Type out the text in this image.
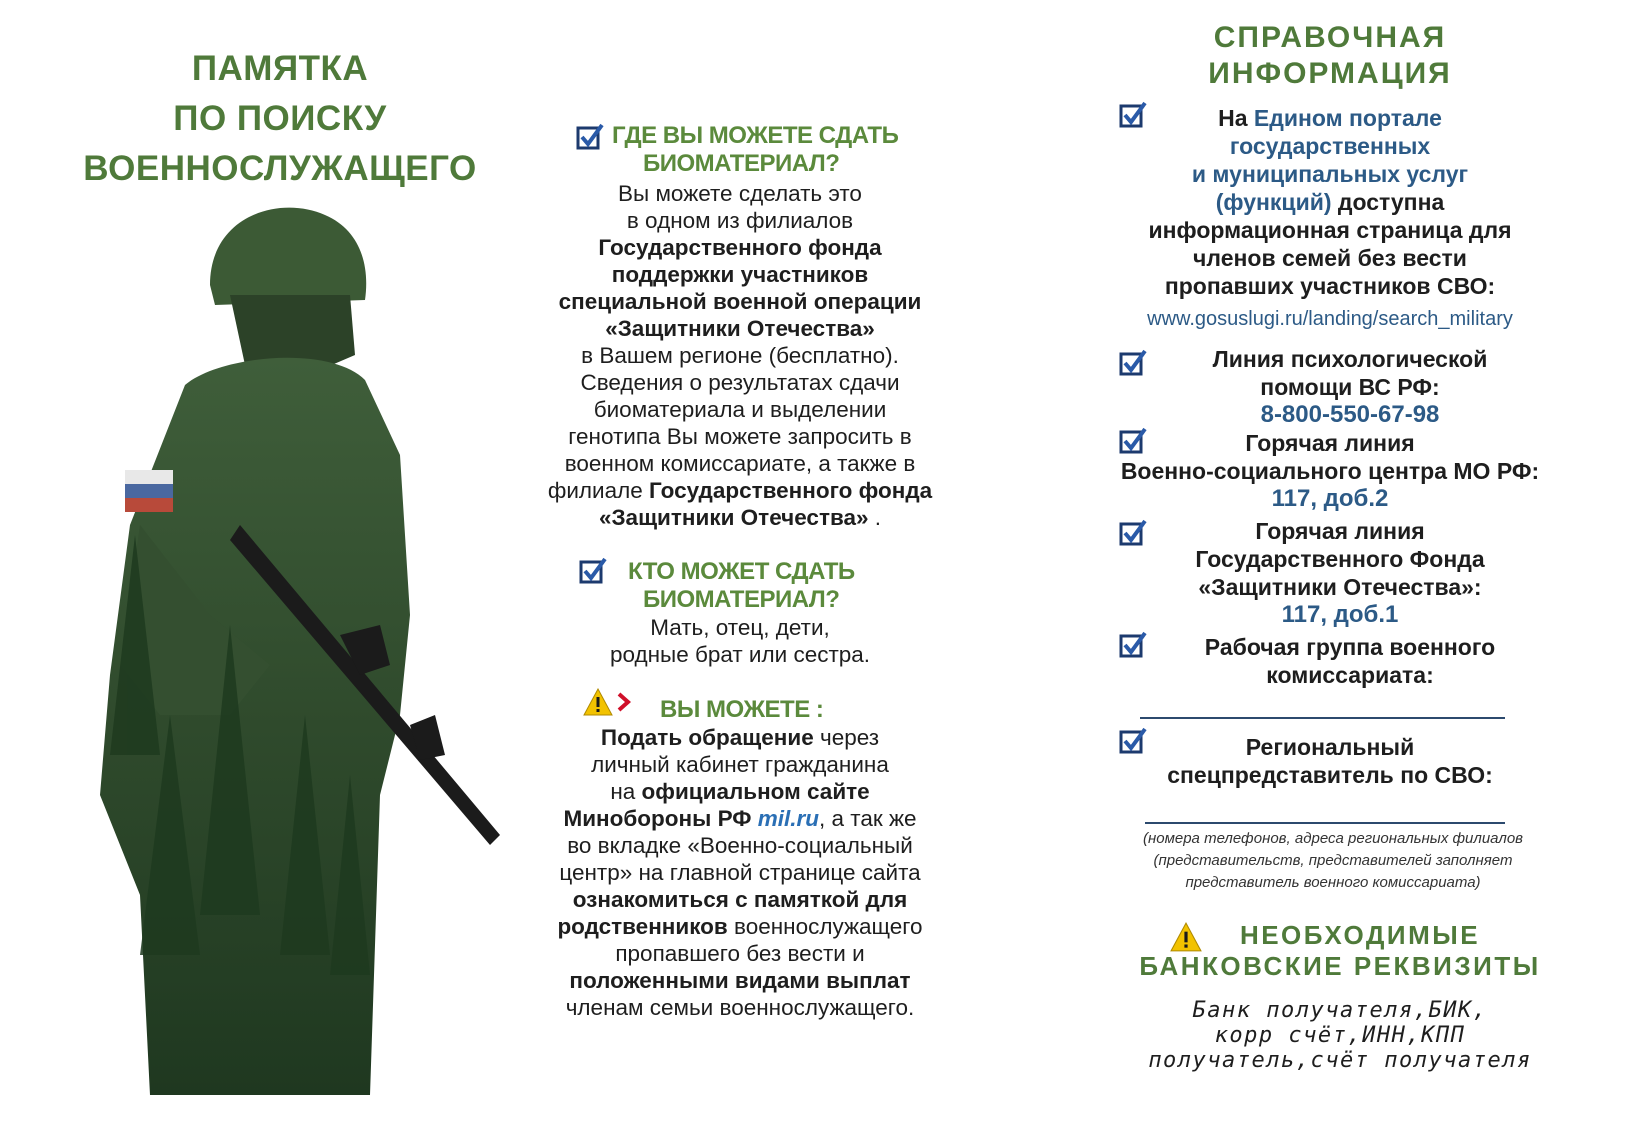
ПАМЯТКА
ПО ПОИСКУ
ВОЕННОСЛУЖАЩЕГО
ГДЕ ВЫ МОЖЕТЕ СДАТЬ
БИОМАТЕРИАЛ?
Вы можете сделать это
в одном из филиалов
Государственного фонда
поддержки участников
специальной военной операции
«Защитники Отечества»
в Вашем регионе (бесплатно).
Сведения о результатах сдачи
биоматериала и выделении
генотипа Вы можете запросить в
военном комиссариате, а также в
филиале Государственного фонда
«Защитники Отечества» .
КТО МОЖЕТ СДАТЬ
БИОМАТЕРИАЛ?
Мать, отец, дети,
родные брат или сестра.
ВЫ МОЖЕТЕ :
Подать обращение через
личный кабинет гражданина
на официальном сайте
Минобороны РФ mil.ru, а так же
во вкладке «Военно-социальный
центр» на главной странице сайта
ознакомиться с памяткой для
родственников военнослужащего
пропавшего без вести и
положенными видами выплат
членам семьи военнослужащего.
СПРАВОЧНАЯ
ИНФОРМАЦИЯ
На Едином портале
государственных
и муниципальных услуг
(функций) доступна
информационная страница для
членов семей без вести
пропавших участников СВО:
www.gosuslugi.ru/landing/search_military
Линия психологической
помощи ВС РФ:
8-800-550-67-98
Горячая линия
Военно-социального центра МО РФ:
117, доб.2
Горячая линия
Государственного Фонда
«Защитники Отечества»:
117, доб.1
Рабочая группа военного
комиссариата:
Региональный
спецпредставитель по СВО:
(номера телефонов, адреса региональных филиалов
(представительств, представителей заполняет
представитель военного комиссариата)
НЕОБХОДИМЫЕ
БАНКОВСКИЕ РЕКВИЗИТЫ
Банк получателя,БИК,
корр счёт,ИНН,КПП
получатель,счёт получателя
